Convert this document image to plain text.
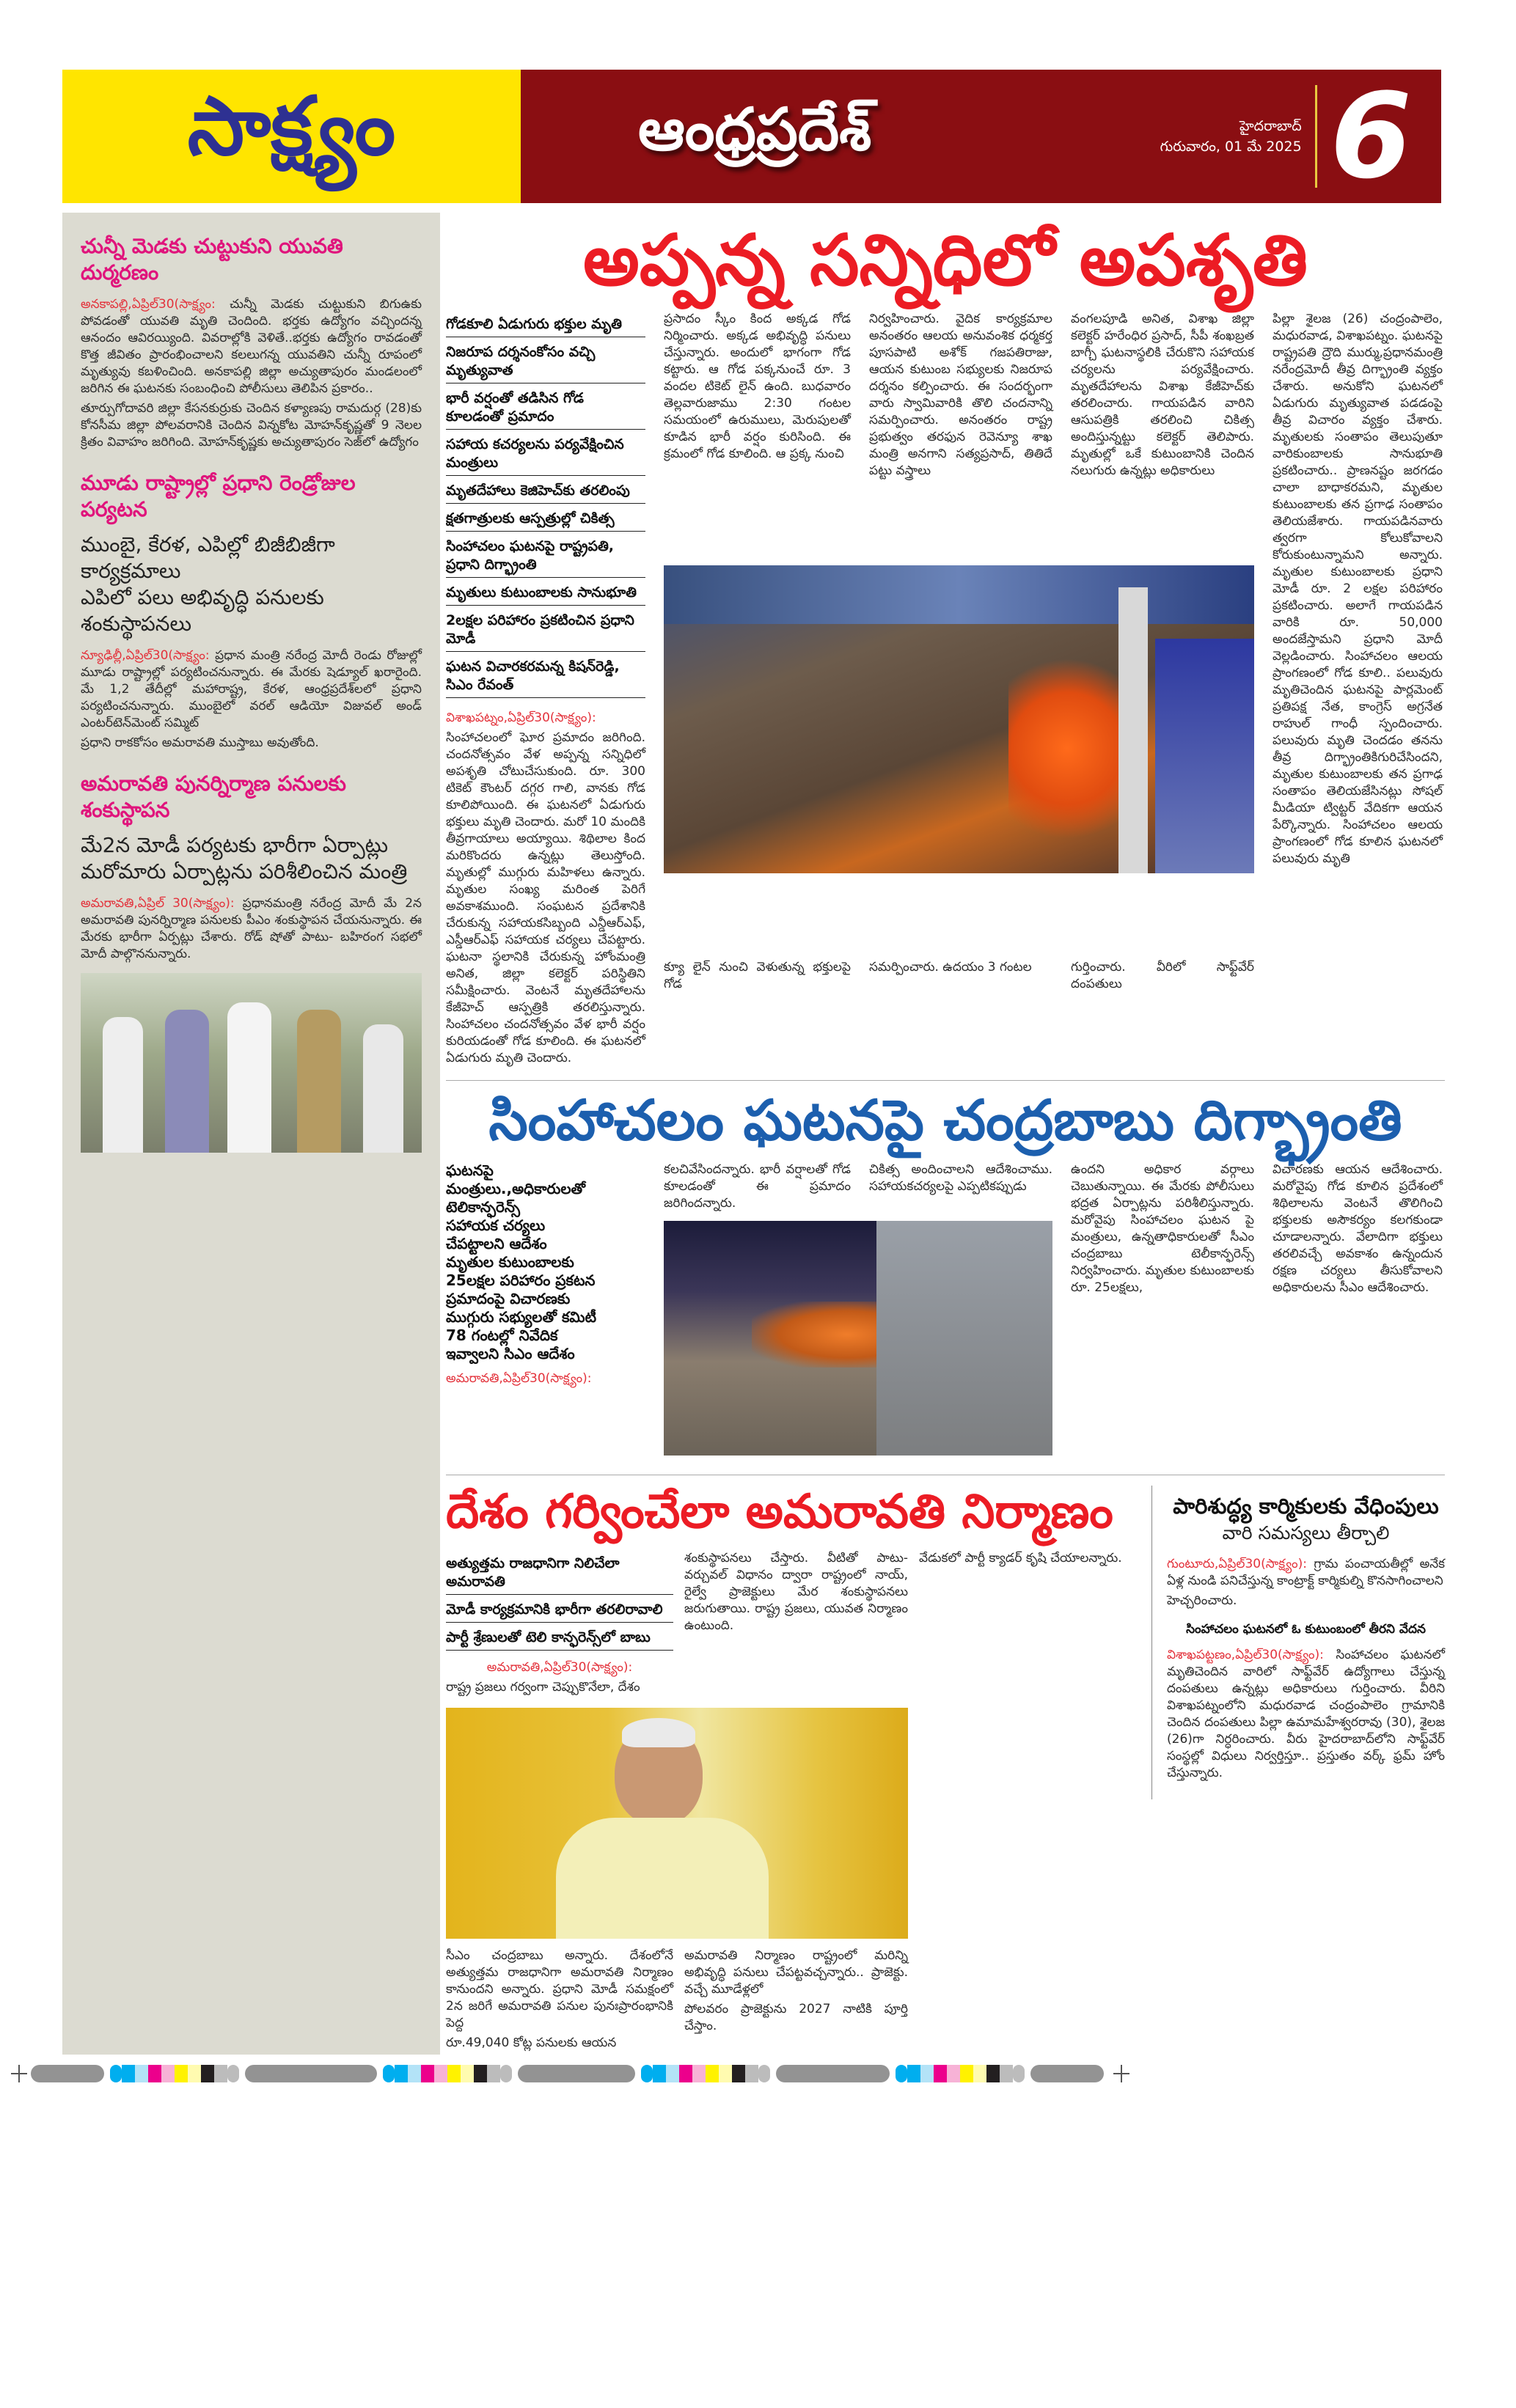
సాక్ష్యం	ఆంధ్రప్రదేశ్	హైదరాబాద్
గురువారం, 01 మే 2025 6
చున్నీ మెడకు చుట్టుకుని యువతి దుర్మరణం

అనకాపల్లి,ఏప్రిల్30(సాక్ష్యం: చున్నీ మెడకు చుట్టుకుని బిగుఉకు పోవడంతో యువతి మృతి చెందింది. భర్తకు ఉద్యోగం వచ్చిందన్న ఆనందం ఆవిరయ్యింది. వివరాల్లోకి వెళితే..భర్తకు ఉద్యోగం రావడంతో కొత్త జీవితం ప్రారంభించాలని కలలుగన్న యువతిని చున్నీ రూపంలో మృత్యువు కబళించింది. అనకాపల్లి జిల్లా అచ్యుతాపురం మండలంలో జరిగిన ఈ ఘటనకు సంబంధించి పోలీసులు తెలిపిన ప్రకారం..

తూర్పుగోదావరి జిల్లా కేసనకుర్రుకు చెందిన కళ్యాణపు రామదుర్గ (28)కు కోనసీమ జిల్లా పోలవరానికి చెందిన విన్నకోట మోహన్‌కృష్ణతో 9 నెలల క్రితం వివాహం జరిగింది. మోహన్‌కృష్ణకు అచ్యుతాపురం సెజ్‌లో ఉద్యోగం

మూడు రాష్ట్రాల్లో ప్రధాని రెండ్రోజుల పర్యటన
ముంబై, కేరళ, ఎపిల్లో బిజీబిజీగా కార్యక్రమాలు
ఎపిలో పలు అభివృద్ధి పనులకు శంకుస్థాపనలు

న్యూఢిల్లీ,ఏప్రిల్30(సాక్ష్యం: ప్రధాన మంత్రి నరేంద్ర మోదీ రెండు రోజుల్లో మూడు రాష్ట్రాల్లో పర్యటించనున్నారు. ఈ మేరకు షెడ్యూల్ ఖరారైంది. మే 1,2 తేదీల్లో మహారాష్ట్ర, కేరళ, ఆంధ్రప్రదేశ్‌లలో ప్రధాని పర్యటించనున్నారు. ముంబైలో వరల్ ఆడియో విజువల్ అండ్ ఎంటర్‌టెన్‌మెంట్ సమ్మిట్

ప్రధాని రాకకోసం అమరావతి ముస్తాబు అవుతోంది.

అమరావతి పునర్నిర్మాణ పనులకు శంకుస్థాపన
మే2న మోడీ పర్యటకు భారీగా ఏర్పాట్లు
మరోమారు ఏర్పాట్లను పరిశీలించిన మంత్రి

అమరావతి,ఏప్రిల్ 30(సాక్ష్యం): ప్రధానమంత్రి నరేంద్ర మోదీ మే 2న అమరావతి పునర్నిర్మాణ పనులకు పీఎం శంకుస్థాపన చేయనున్నారు. ఈ మేరకు భారీగా ఏర్పట్లు చేశారు. రోడ్ షోతో పాటు- బహిరంగ సభలో మోదీ పాల్గొననున్నారు.

అప్పన్న సన్నిధిలో అపశృతి
గోడకూలి ఏడుగురు భక్తుల మృతి
నిజరూప దర్శనంకోసం వచ్చి మృత్యువాత
భారీ వర్షంతో తడిసిన గోడ కూలడంతో ప్రమాదం
సహాయ కచర్యలను పర్యవేక్షించిన మంత్రులు
మృతదేహాలు కెజిహెచ్‌కు తరలింపు
క్షతగాత్రులకు ఆస్పత్రుల్లో చికిత్స
సింహాచలం ఘటనపై రాష్ట్రపతి, ప్రధాని దిగ్భ్రాంతి
మృతులు కుటుంబాలకు సానుభూతి
2లక్షల పరిహారం ప్రకటించిన ప్రధాని మోడీ
ఘటన విచారకరమన్న కిషన్‌రెడ్డి, సిఎం రేవంత్

విశాఖపట్నం,ఏప్రిల్30(సాక్ష్యం):

సింహాచలంలో ఘోర ప్రమాదం జరిగింది. చందనోత్సవం వేళ అప్పన్న సన్నిధిలో అపశృతి చోటుచేసుకుంది. రూ. 300 టికెట్ కౌంటర్ దగ్గర గాలి, వానకు గోడ కూలిపోయింది. ఈ ఘటనలో ఏడుగురు భక్తులు మృతి చెందారు. మరో 10 మందికి తీవ్రగాయాలు అయ్యాయి. శిథిలాల కింద మరికొందరు ఉన్నట్లు తెలుస్తోంది. మృతుల్లో ముగ్గురు మహిళలు ఉన్నారు. మృతుల సంఖ్య మరింత పెరిగే అవకాశముంది. సంఘటన ప్రదేశానికి చేరుకున్న సహాయకసిబ్బంది ఎన్డీఆర్ఎఫ్, ఎస్డీఆర్ఎఫ్ సహాయక చర్యలు చేపట్టారు. ఘటనా స్థలానికి చేరుకున్న హోంమంత్రి అనిత, జిల్లా కలెక్టర్ పరిస్థితిని సమీక్షించారు. వెంటనే మృతదేహాలను కేజీహెచ్ ఆస్పత్రికి తరలిస్తున్నారు. సింహాచలం చందనోత్సవం వేళ భారీ వర్షం కురియడంతో గోడ కూలింది. ఈ ఘటనలో ఏడుగురు మృతి చెందారు.

ప్రసాదం స్కీం కింద అక్కడ గోడ నిర్మించారు. అక్కడ అభివృద్ధి పనులు చేస్తున్నారు. అందులో భాగంగా గోడ కట్టారు. ఆ గోడ పక్కనుంచే రూ. 3 వందల టికెట్ లైన్ ఉంది. బుధవారం తెల్లవారుజాము 2:30 గంటల సమయంలో ఉరుములు, మెరుపులతో కూడిన భారీ వర్షం కురిసింది. ఈ క్రమంలో గోడ కూలింది. ఆ ప్రక్క నుంచి
నిర్వహించారు. వైదిక కార్యక్రమాల అనంతరం ఆలయ అనువంశిక ధర్మకర్త పూసపాటి అశోక్ గజపతిరాజు, ఆయన కుటుంబ సభ్యులకు నిజరూప దర్శనం కల్పించారు. ఈ సందర్భంగా వారు స్వామివారికి తొలి చందనాన్ని సమర్పించారు. అనంతరం రాష్ట్ర ప్రభుత్వం తరఫున రెవెన్యూ శాఖ మంత్రి అనగాని సత్యప్రసాద్, తితిదే పట్టు వస్త్రాలు
వంగలపూడి అనిత, విశాఖ జిల్లా కలెక్టర్ హరేంధిర ప్రసాద్, సీపీ శంఖబ్రత బాగ్చీ ఘటనాస్థలికి చేరుకొని సహాయక చర్యలను పర్యవేక్షించారు. మృతదేహాలను విశాఖ కేజీహెచ్‌కు తరలించారు. గాయపడిన వారిని ఆసుపత్రికి తరలించి చికిత్స అందిస్తున్నట్టు కలెక్టర్ తెలిపారు. మృతుల్లో ఒకే కుటుంబానికి చెందిన నలుగురు ఉన్నట్లు అధికారులు
క్యూ లైన్ నుంచి వెళుతున్న భక్తులపై గోడ
సమర్పించారు. ఉదయం 3 గంటల	గుర్తించారు. వీరిలో సాఫ్ట్‌వేర్ దంపతులు
పిల్లా శైలజ (26) చంద్రంపాలెం, మధురవాడ, విశాఖపట్నం. ఘటనపై రాష్ట్రపతి ద్రౌది ముర్ము,ప్రధానమంత్రి నరేంద్రమోదీ తీవ్ర దిగ్భ్రాంతి వ్యక్తం చేశారు. అనుకోని ఘటనలో ఏడుగురు మృత్యువాత పడడంపై తీవ్ర విచారం వ్యక్తం చేశారు. మృతులకు సంతాపం తెలుపుతూ వారికుంబాలకు సానుభూతి ప్రకటించారు.. ప్రాణనష్టం జరగడం చాలా బాధాకరమని, మృతుల కుటుంబాలకు తన ప్రగాఢ సంతాపం తెలియజేశారు. గాయపడినవారు త్వరగా కోలుకోవాలని కోరుకుంటున్నామని అన్నారు. మృతుల కుటుంబాలకు ప్రధాని మోడీ రూ. 2 లక్షల పరిహారం ప్రకటించారు. అలాగే గాయపడిన వారికి రూ. 50,000 అందజేస్తామని ప్రధాని మోదీ వెల్లడించారు. సింహాచలం ఆలయ ప్రాంగణంలో గోడ కూలి.. పలువురు మృతిచెందిన ఘటనపై పార్లమెంట్ ప్రతిపక్ష నేత, కాంగ్రెస్ అగ్రనేత రాహుల్ గాంధీ స్పందించారు. పలువురు మృతి చెందడం తనను తీవ్ర దిగ్భ్రాంతికిగురిచేసిందని, మృతుల కుటుంబాలకు తన ప్రగాఢ సంతాపం తెలియజేసినట్లు సోషల్ మీడియా ట్విట్టర్ వేదికగా ఆయన పేర్కొన్నారు. సింహాచలం ఆలయ ప్రాంగణంలో గోడ కూలిన ఘటనలో పలువురు మృతి
సింహాచలం ఘటనపై చంద్రబాబు దిగ్భ్రాంతి
ఘటనపై
మంత్రులు.,అధికారులతో
టెలికాన్ఫరెన్స్
సహాయక చర్యలు
చేపట్టాలని ఆదేశం
మృతుల కుటుంబాలకు
25లక్షల పరిహారం ప్రకటన
ప్రమాదంపై విచారణకు
ముగ్గురు సభ్యులతో కమిటీ
78 గంటల్లో నివేదిక
ఇవ్వాలని సిఎం ఆదేశం

అమరావతి,ఏప్రిల్30(సాక్ష్యం):

కలచివేసిందన్నారు. భారీ వర్షాలతో గోడ కూలడంతో ఈ ప్రమాదం జరిగిందన్నారు.
చికిత్స అందించాలని ఆదేశించాము. సహాయకచర్యలపై ఎప్పటికప్పుడు
ఉందని అధికార వర్గాలు చెబుతున్నాయి. ఈ మేరకు పోలీసులు భద్రత ఏర్పాట్లను పరిశీలిస్తున్నారు. మరోవైపు సింహాచలం ఘటన పై మంత్రులు, ఉన్నతాధికారులతో సీఎం చంద్రబాబు టెలీకాన్ఫరెన్స్ నిర్వహించారు. మృతుల కుటుంబాలకు రూ. 25లక్షలు,
విచారణకు ఆయన ఆదేశించారు. మరోవైపు గోడ కూలిన ప్రదేశంలో శిథిలాలను వెంటనే తొలిగించి భక్తులకు అసౌకర్యం కలగకుండా చూడాలన్నారు. వేలాదిగా భక్తులు తరలివచ్చే అవకాశం ఉన్నందున రక్షణ చర్యలు తీసుకోవాలని అధికారులను సీఎం ఆదేశించారు.
దేశం గర్వించేలా అమరావతి నిర్మాణం
అత్యుత్తమ రాజధానిగా నిలిచేలా అమరావతి
మోడీ కార్యక్రమానికి భారీగా తరలిరావాలి
పార్టీ శ్రేణులతో టెలి కాన్ఫరెన్స్‌లో బాబు

అమరావతి,ఏప్రిల్30(సాక్ష్యం):

రాష్ట్ర ప్రజలు గర్వంగా చెప్పుకొనేలా, దేశం

శంకుస్థాపనలు చేస్తారు. వీటితో పాటు- వర్చువల్ విధానం ద్వారా రాష్ట్రంలో నాయ్, రైల్వే ప్రాజెక్టులు మేర శంకుస్థాపనలు జరుగుతాయి. రాష్ట్ర ప్రజలు, యువత నిర్మాణం ఉంటుంది.

వేడుకలో పార్టీ క్యాడర్ కృషి చేయాలన్నారు.

సీఎం చంద్రబాబు అన్నారు. దేశంలోనే అత్యుత్తమ రాజధానిగా అమరావతి నిర్మాణం కానుందని అన్నారు. ప్రధాని మోడీ సమక్షంలో 2న జరిగే అమరావతి పనుల పునఃప్రారంభానికి పెద్ద

రూ.49,040 కోట్ల పనులకు ఆయన

అమరావతి నిర్మాణం రాష్ట్రంలో మరిన్ని అభివృద్ధి పనులు చేపట్టవచ్చన్నారు.. ప్రాజెక్టు. వచ్చే మూడేళ్లలో

పోలవరం ప్రాజెక్టును 2027 నాటికి పూర్తి చేస్తాం.

పారిశుద్ధ్య కార్మికులకు వేధింపులు
వారి సమస్యలు తీర్చాలి

గుంటూరు,ఏప్రిల్30(సాక్ష్యం): గ్రామ పంచాయతీల్లో అనేక ఏళ్ల నుండి పనిచేస్తున్న కాంట్రాక్ట్ కార్మికుల్ని కొనసాగించాలని

హెచ్చరించారు.

సింహాచలం ఘటనలో ఓ కుటుంబంలో తీరని వేదన

విశాఖపట్టణం,ఏప్రిల్30(సాక్ష్యం): సింహాచలం ఘటనలో మృతిచెందిన వారిలో సాఫ్ట్‌వేర్ ఉద్యోగాలు చేస్తున్న దంపతులు ఉన్నట్లు అధికారులు గుర్తించారు. వీరిని విశాఖపట్నంలోని మధురవాడ చంద్రంపాలెం గ్రామానికి చెందిన దంపతులు పిల్లా ఉమామహేశ్వరరావు (30), శైలజ (26)గా నిర్ధరించారు. వీరు హైదరాబాద్‌లోని సాఫ్ట్‌వేర్ సంస్థల్లో విధులు నిర్వర్తిస్తూ.. ప్రస్తుతం వర్క్ ఫ్రమ్ హోం చేస్తున్నారు.
